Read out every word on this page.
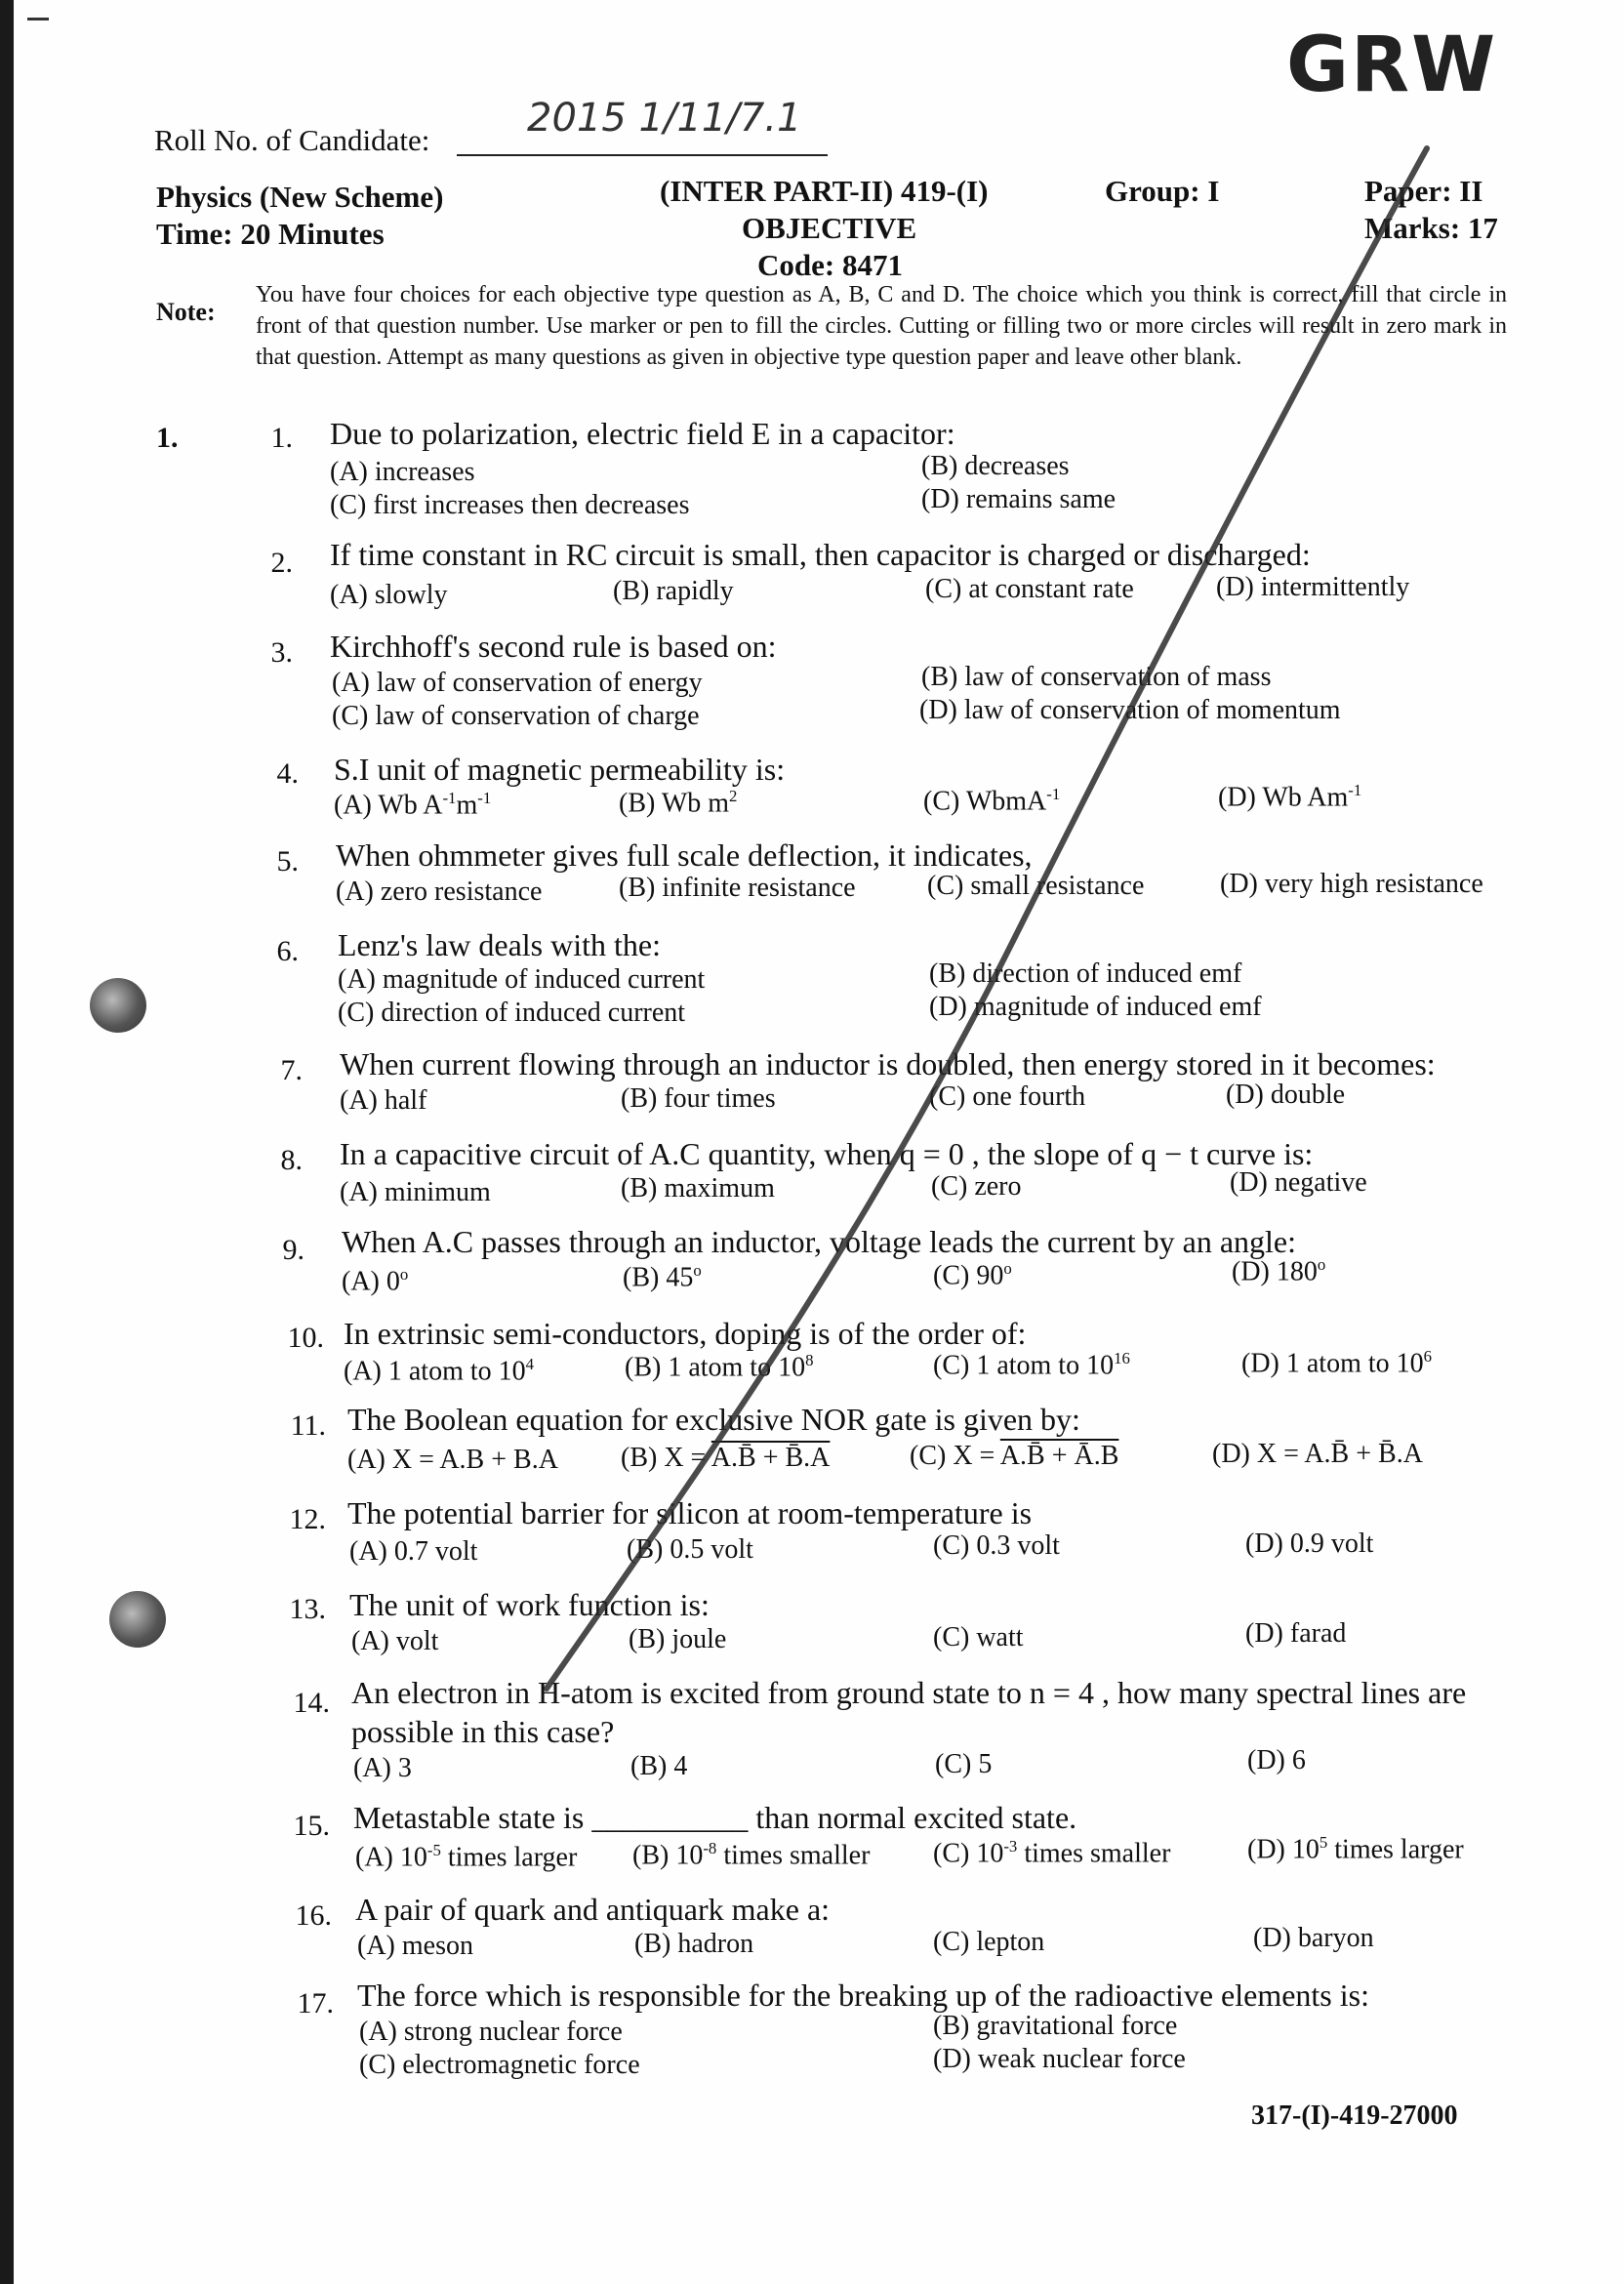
GRW
Roll No. of Candidate: 2015 1/11/7.1
Physics (New Scheme)
Time: 20 Minutes
(INTER PART-II) 419-(I)
OBJECTIVE
Code: 8471
Group: I	Paper: II
Marks: 17
Note:
You have four choices for each objective type question as A, B, C and D. The choice which you think is correct, fill that circle in front of that question number. Use marker or pen to fill the circles. Cutting or filling two or more circles will result in zero mark in that question. Attempt as many questions as given in objective type question paper and leave other blank.
1.	1. Due to polarization, electric field E in a capacitor:
(A) increases	(B) decreases
(C) first increases then decreases	(D) remains same
2. If time constant in RC circuit is small, then capacitor is charged or discharged:
(A) slowly	(B) rapidly	(C) at constant rate	(D) intermittently
3. Kirchhoff's second rule is based on:
(A) law of conservation of energy	(B) law of conservation of mass
(C) law of conservation of charge	(D) law of conservation of momentum
4. S.I unit of magnetic permeability is:
(A) Wb $A^{-1}m^{-1}$	(B) Wb $m^2$	(C) WbmA$^{-1}$	(D) Wb $Am^{-1}$
5. When ohmmeter gives full scale deflection, it indicates,
(A) zero resistance	(B) infinite resistance	(C) small resistance	(D) very high resistance
6. Lenz's law deals with the:
(A) magnitude of induced current	(B) direction of induced emf
(C) direction of induced current	(D) magnitude of induced emf
7. When current flowing through an inductor is doubled, then energy stored in it becomes:
(A) half	(B) four times	(C) one fourth	(D) double
8. In a capacitive circuit of A.C quantity, when q = 0 , the slope of q − t curve is:
(A) minimum	(B) maximum	(C) zero	(D) negative
9. When A.C passes through an inductor, voltage leads the current by an angle:
(A) 0$^o$	(B) 45$^o$	(C) 90$^o$	(D) 180$^o$
10. In extrinsic semi-conductors, doping is of the order of:
(A) 1 atom to $10^4$	(B) 1 atom to $10^8$	(C) 1 atom to $10^{16}$	(D) 1 atom to $10^6$
11. The Boolean equation for exclusive NOR gate is given by:
(A) X = A.B + B.A (B) X = A.B̄ + B̄.A	(C) X = A.B̄ + Ā.B	(D) X = A.B̄ + B̄.A
12. The potential barrier for silicon at room-temperature is
(A) 0.7 volt	(B) 0.5 volt	(C) 0.3 volt	(D) 0.9 volt
13. The unit of work function is:
(A) volt	(B) joule	(C) watt	(D) farad
14. An electron in H-atom is excited from ground state to n = 4 , how many spectral lines are
possible in this case?
(A) 3	(B) 4	(C) 5	(D) 6
15. Metastable state is __________ than normal excited state.
(A) $10^{-5}$ times larger (B) $10^{-8}$ times smaller (C) $10^{-3}$ times smaller	(D) $10^5$ times larger
16. A pair of quark and antiquark make a:
(A) meson	(B) hadron	(C) lepton	(D) baryon
17. The force which is responsible for the breaking up of the radioactive elements is:
(A) strong nuclear force	(B) gravitational force
(C) electromagnetic force	(D) weak nuclear force
317-(I)-419-27000
